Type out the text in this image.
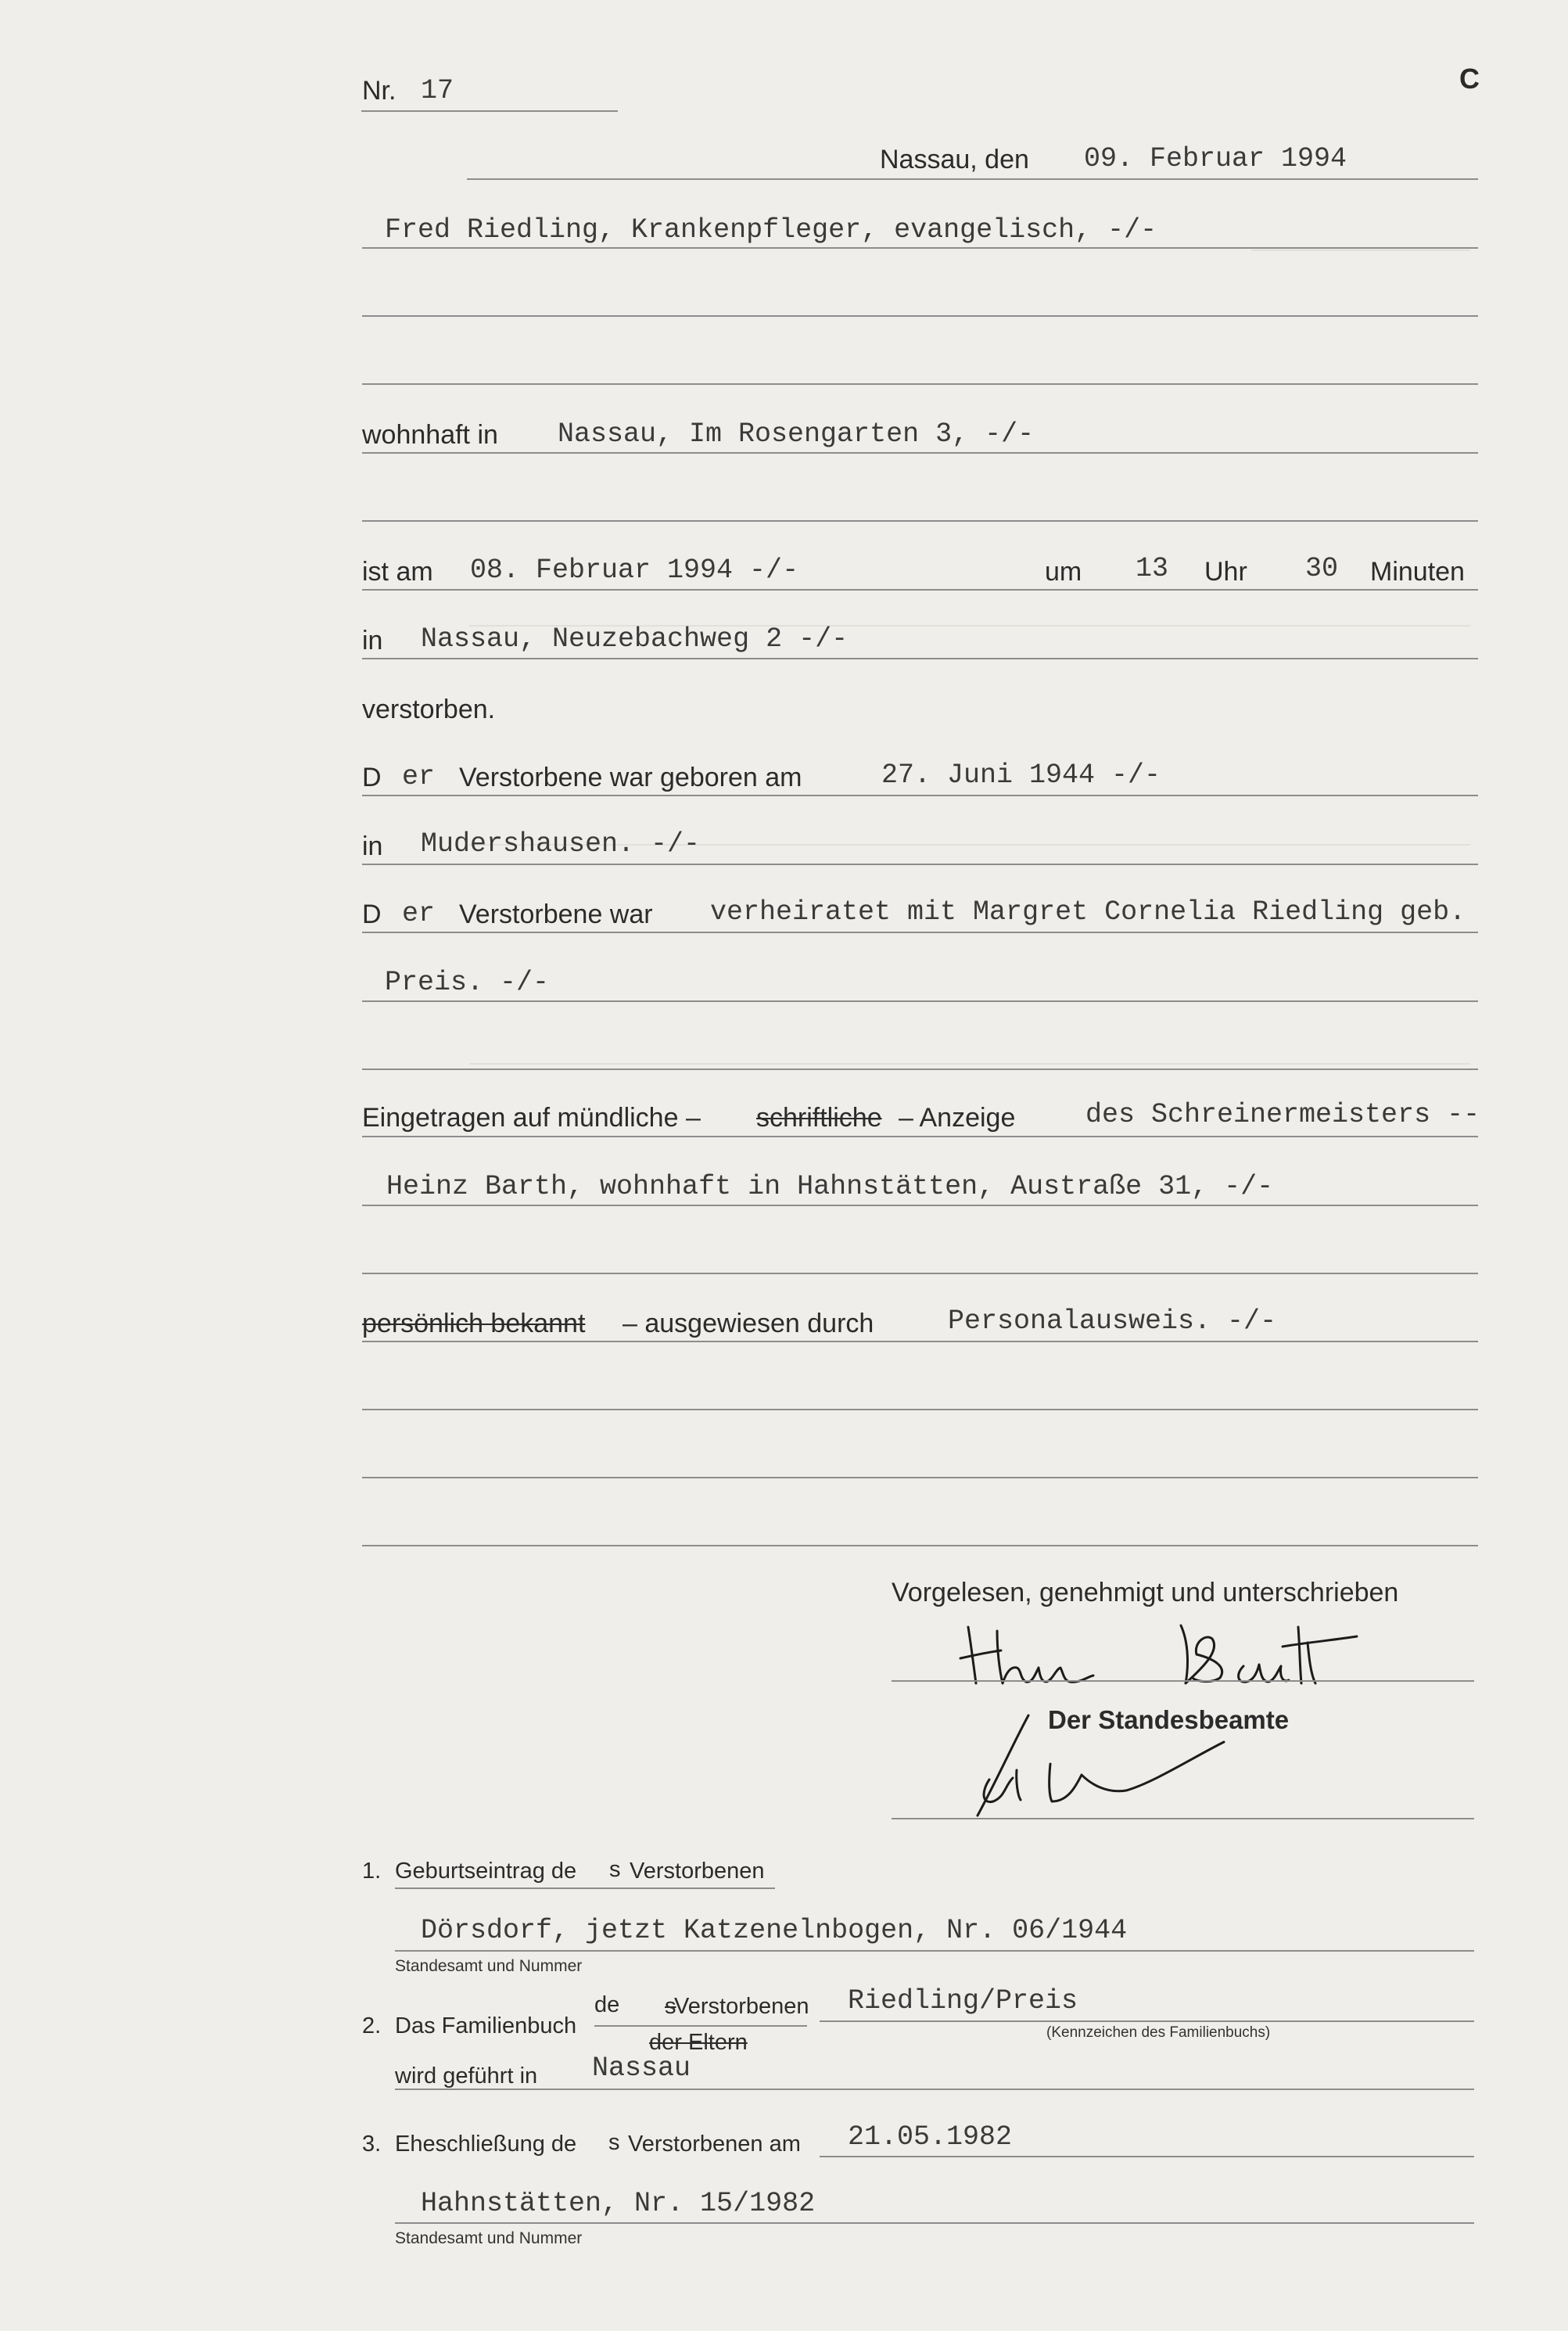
Nr. 17	C
Nassau, den 09. Februar 1994
Fred Riedling, Krankenpfleger, evangelisch, -/-
wohnhaft in Nassau, Im Rosengarten 3, -/-
ist am 08. Februar 1994 -/-	um 13 Uhr 30 Minuten
in Nassau, Neuzebachweg 2 -/-
verstorben.
D er Verstorbene war geboren am	27. Juni 1944 -/-
in Mudershausen. -/-
D er Verstorbene war verheiratet mit Margret Cornelia Riedling geb.
Preis. -/-
Eingetragen auf mündliche – schriftliche – Anzeige	des Schreinermeisters --
Heinz Barth, wohnhaft in Hahnstätten, Austraße 31, -/-
persönlich bekannt – ausgewiesen durch	Personalausweis. -/-
Vorgelesen, genehmigt und unterschrieben
Der Standesbeamte
1. Geburtseintrag de s Verstorbenen
Dörsdorf, jetzt Katzenelnbogen, Nr. 06/1944
Standesamt und Nummer
2. Das Familienbuch
de s
Verstorbenen
der Eltern
Riedling/Preis
(Kennzeichen des Familienbuchs)
wird geführt in Nassau
3. Eheschließung de s Verstorbenen am 21.05.1982
Hahnstätten, Nr. 15/1982
Standesamt und Nummer
